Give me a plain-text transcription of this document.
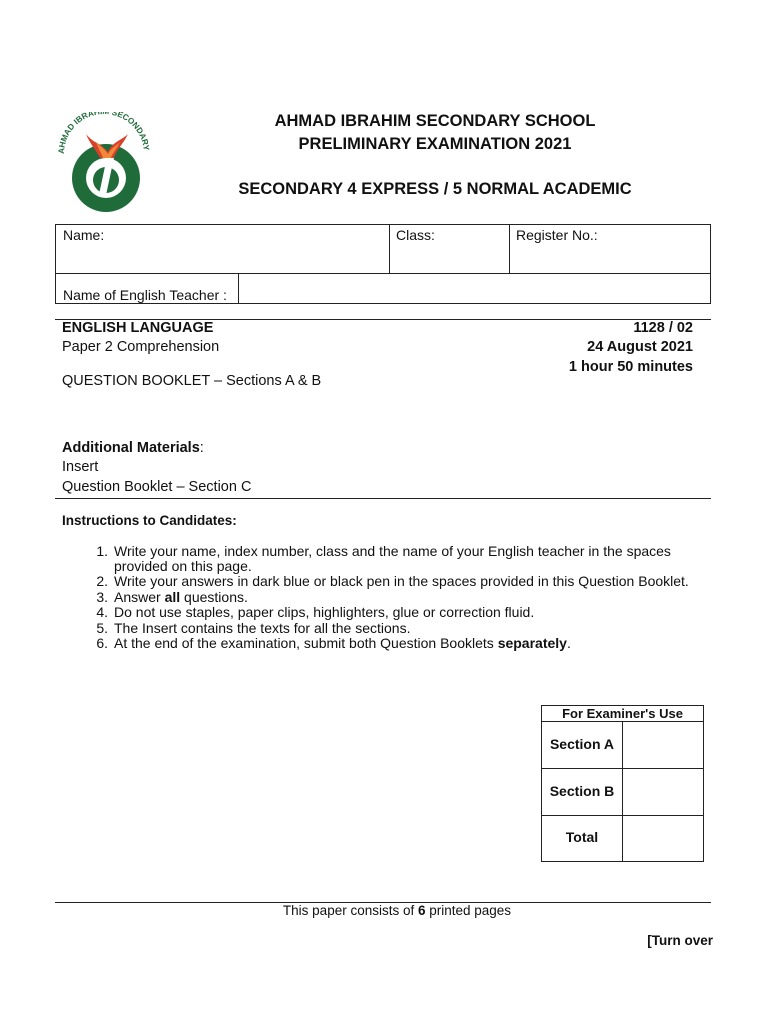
AHMAD IBRAH SECONDARY
AHMAD IBRAHIM SECONDARY SCHOOL
PRELIMINARY EXAMINATION 2021
SECONDARY 4 EXPRESS / 5 NORMAL ACADEMIC
Name:	Class:	Register No.:
Name of English Teacher :
ENGLISH LANGUAGE	1128 / 02
Paper 2 Comprehension	24 August 2021
1 hour 50 minutes
QUESTION BOOKLET – Sections A & B
Additional Materials:
Insert
Question Booklet – Section C
Instructions to Candidates:
1. Write your name, index number, class and the name of your English teacher in the spaces
provided on this page.
2. Write your answers in dark blue or black pen in the spaces provided in this Question Booklet.
3. Answer all questions.
4. Do not use staples, paper clips, highlighters, glue or correction fluid.
5. The Insert contains the texts for all the sections.
6. At the end of the examination, submit both Question Booklets separately.
For Examiner's Use
Section A
Section B
Total
This paper consists of 6 printed pages
[Turn over
